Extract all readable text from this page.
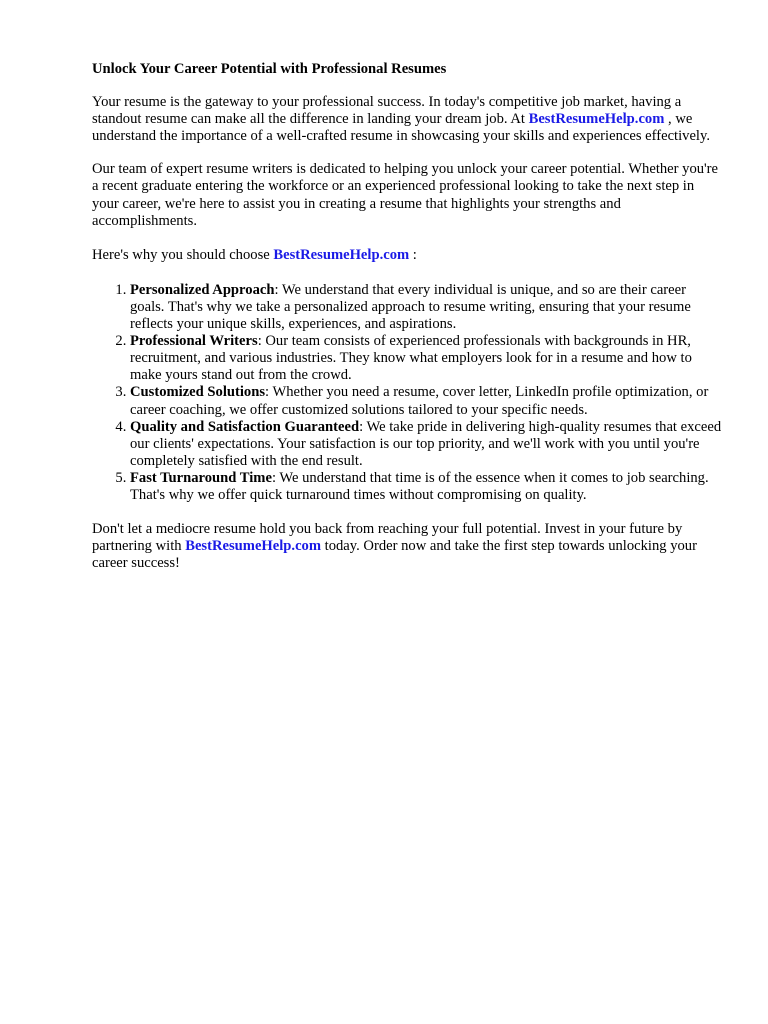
Unlock Your Career Potential with Professional Resumes

Your resume is the gateway to your professional success. In today's competitive job market, having a standout resume can make all the difference in landing your dream job. At BestResumeHelp.com , we understand the importance of a well-crafted resume in showcasing your skills and experiences effectively.

Our team of expert resume writers is dedicated to helping you unlock your career potential. Whether you're a recent graduate entering the workforce or an experienced professional looking to take the next step in your career, we're here to assist you in creating a resume that highlights your strengths and accomplishments.

Here's why you should choose BestResumeHelp.com :

1. Personalized Approach: We understand that every individual is unique, and so are their career goals. That's why we take a personalized approach to resume writing, ensuring that your resume reflects your unique skills, experiences, and aspirations.
2. Professional Writers: Our team consists of experienced professionals with backgrounds in HR, recruitment, and various industries. They know what employers look for in a resume and how to make yours stand out from the crowd.
3. Customized Solutions: Whether you need a resume, cover letter, LinkedIn profile optimization, or career coaching, we offer customized solutions tailored to your specific needs.
4. Quality and Satisfaction Guaranteed: We take pride in delivering high-quality resumes that exceed our clients' expectations. Your satisfaction is our top priority, and we'll work with you until you're completely satisfied with the end result.
5. Fast Turnaround Time: We understand that time is of the essence when it comes to job searching. That's why we offer quick turnaround times without compromising on quality.

Don't let a mediocre resume hold you back from reaching your full potential. Invest in your future by partnering with BestResumeHelp.com today. Order now and take the first step towards unlocking your career success!
